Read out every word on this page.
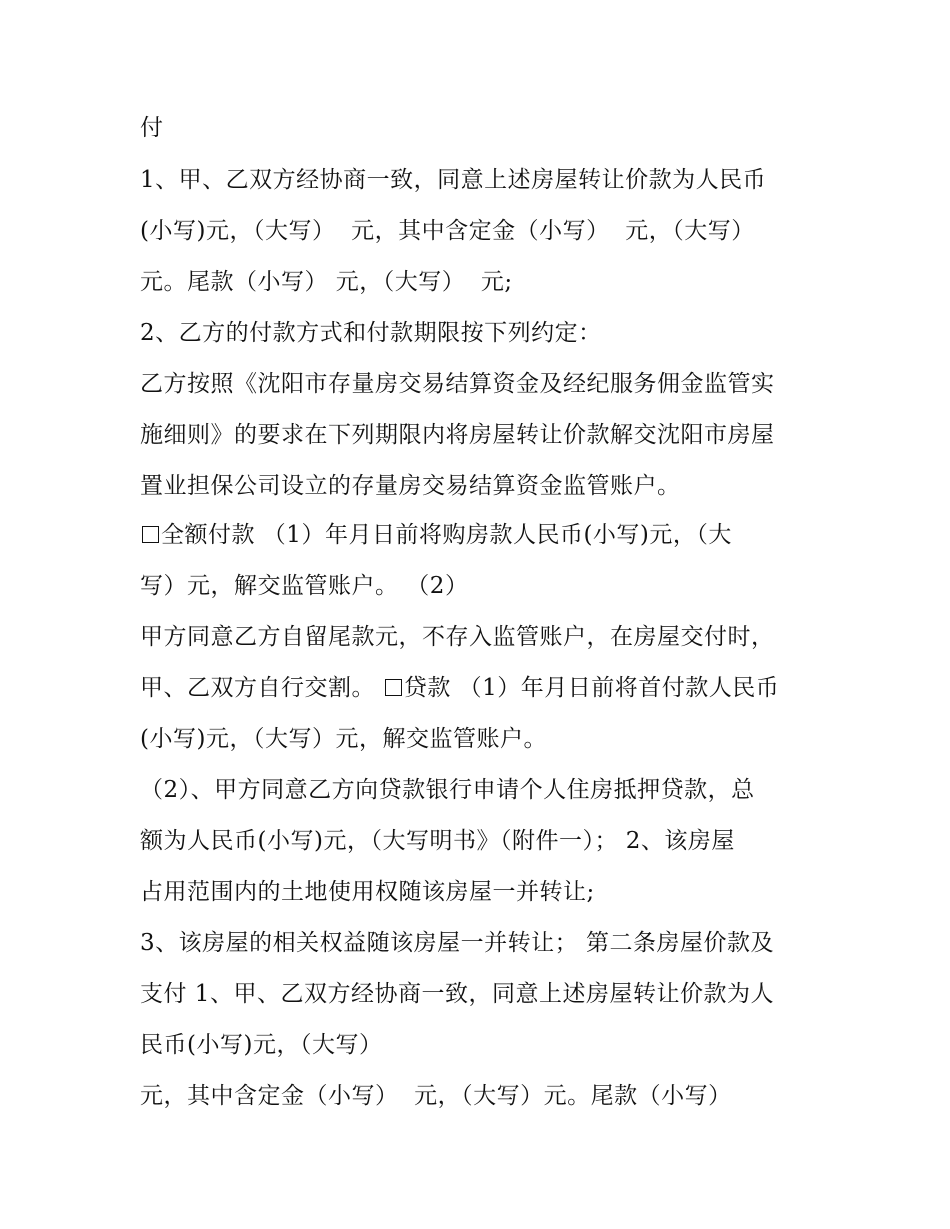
付
1、甲、乙双方经协商一致，同意上述房屋转让价款为人民币
(小写)元，（大写）  元，其中含定金（小写）  元，（大写）
元。尾款（小写） 元，（大写）  元;
2、乙方的付款方式和付款期限按下列约定：
乙方按照《沈阳市存量房交易结算资金及经纪服务佣金监管实
施细则》的要求在下列期限内将房屋转让价款解交沈阳市房屋
置业担保公司设立的存量房交易结算资金监管账户。
全额付款 （1）年月日前将购房款人民币(小写)元，（大
写）元，解交监管账户。 （2）
甲方同意乙方自留尾款元，不存入监管账户，在房屋交付时，
甲、乙双方自行交割。 贷款 （1）年月日前将首付款人民币
(小写)元，（大写）元，解交监管账户。
（2）、甲方同意乙方向贷款银行申请个人住房抵押贷款，总
额为人民币(小写)元，（大写明书》（附件一）； 2、该房屋
占用范围内的土地使用权随该房屋一并转让;
3、该房屋的相关权益随该房屋一并转让； 第二条房屋价款及
支付 1、甲、乙双方经协商一致，同意上述房屋转让价款为人
民币(小写)元，（大写）
元，其中含定金（小写）  元，（大写）元。尾款（小写）
